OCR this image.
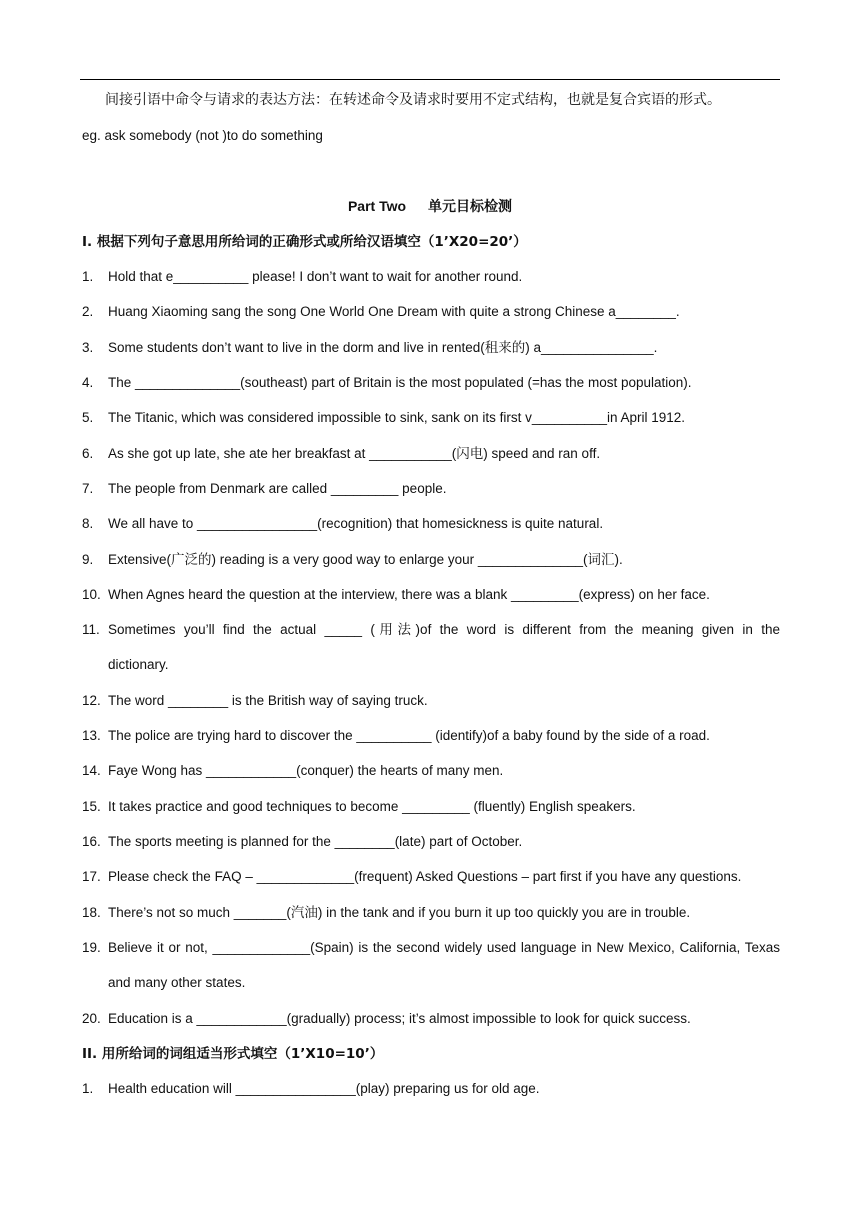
间接引语中命令与请求的表达方法：在转述命令及请求时要用不定式结构，也就是复合宾语的形式。
eg. ask somebody (not )to do something
Part Two 单元目标检测
I. 根据下列句子意思用所给词的正确形式或所给汉语填空（1’X20=20’）
1.	Hold that e__________ please! I don’t want to wait for another round.
2.	Huang Xiaoming sang the song One World One Dream with quite a strong Chinese a________.
3.	Some students don’t want to live in the dorm and live in rented(租来的) a_______________.
4.	The ______________(southeast) part of Britain is the most populated (=has the most population).
5.	The Titanic, which was considered impossible to sink, sank on its first v__________in April 1912.
6.	As she got up late, she ate her breakfast at ___________(闪电) speed and ran off.
7.	The people from Denmark are called _________ people.
8.	We all have to ________________(recognition) that homesickness is quite natural.
9.	Extensive(广泛的) reading is a very good way to enlarge your ______________(词汇).
10. When Agnes heard the question at the interview, there was a blank _________(express) on her face.
11. Sometimes you’ll find the actual _____ (用法)of the word is different from the meaning given in the
dictionary.
12. The word ________ is the British way of saying truck.
13. The police are trying hard to discover the __________ (identify)of a baby found by the side of a road.
14. Faye Wong has ____________(conquer) the hearts of many men.
15. It takes practice and good techniques to become _________ (fluently) English speakers.
16. The sports meeting is planned for the ________(late) part of October.
17. Please check the FAQ – _____________(frequent) Asked Questions – part first if you have any questions.
18. There’s not so much _______(汽油) in the tank and if you burn it up too quickly you are in trouble.
19. Believe it or not, _____________(Spain) is the second widely used language in New Mexico, California, Texas
and many other states.
20. Education is a ____________(gradually) process; it’s almost impossible to look for quick success.
II. 用所给词的词组适当形式填空（1’X10=10’）
1.	Health education will ________________(play) preparing us for old age.
